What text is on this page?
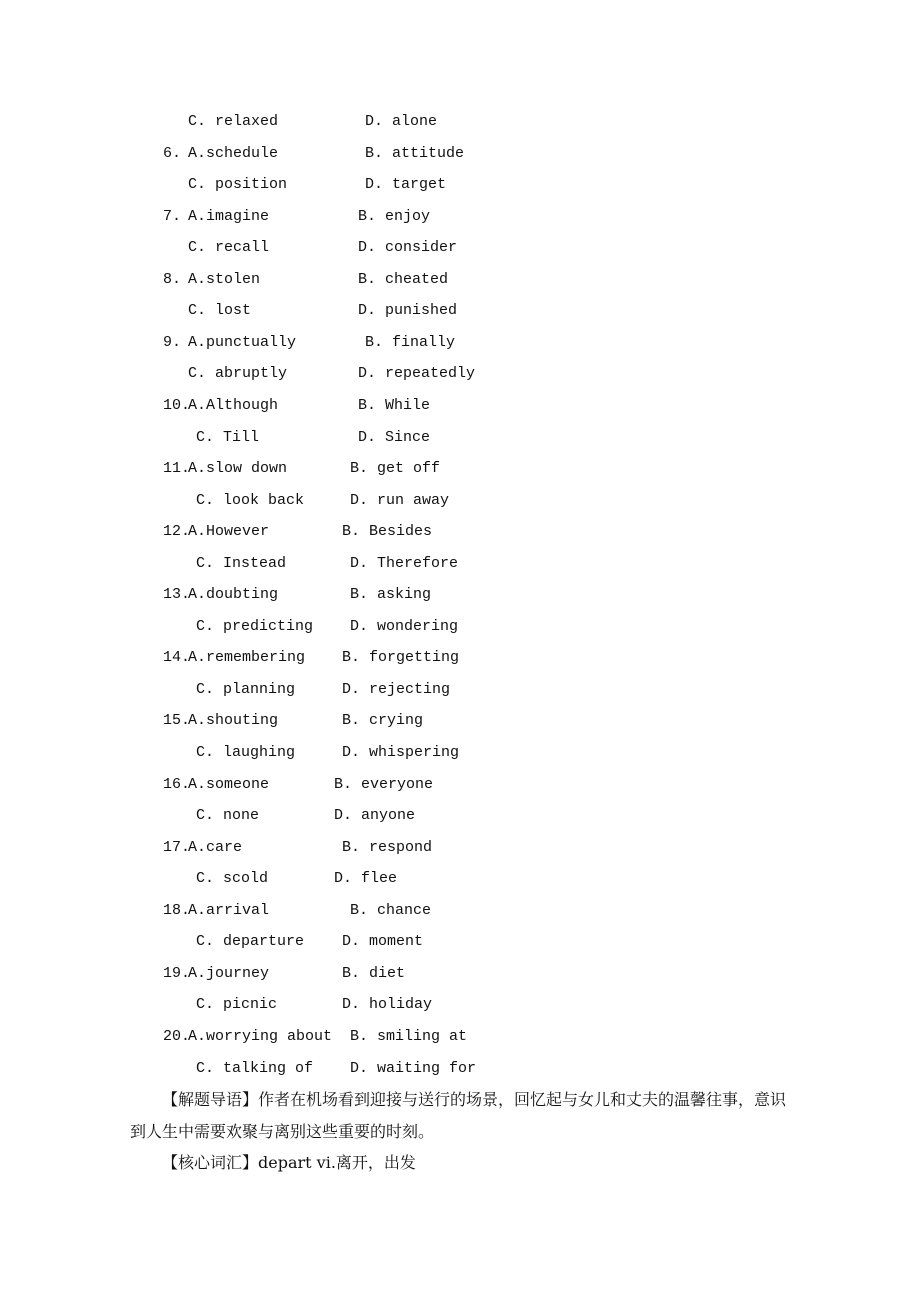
C. relaxed	D. alone
6. A.schedule	B. attitude
C. position	D. target
7. A.imagine	B. enjoy
C. recall	D. consider
8. A.stolen	B. cheated
C. lost	D. punished
9. A.punctually	B. finally
C. abruptly	D. repeatedly
10.
A.Although	B. While
C. Till	D. Since
11.
A.slow down	B. get off
C. look back	D. run away
12.
A.However	B. Besides
C. Instead	D. Therefore
13.
A.doubting	B. asking
C. predicting D. wondering
14.
A.remembering B. forgetting
C. planning	D. rejecting
15.
A.shouting	B. crying
C. laughing	D. whispering
16.
A.someone	B. everyone
C. none	D. anyone
17.
A.care	B. respond
C. scold	D. flee
18.
A.arrival	B. chance
C. departure	D. moment
19.
A.journey	B. diet
C. picnic	D. holiday
20.
A.worrying about B. smiling at
C. talking of D. waiting for
【解题导语】作者在机场看到迎接与送行的场景，回忆起与女儿和丈夫的温馨往事，意识
到人生中需要欢聚与离别这些重要的时刻。
【核心词汇】depart vi.离开，出发
